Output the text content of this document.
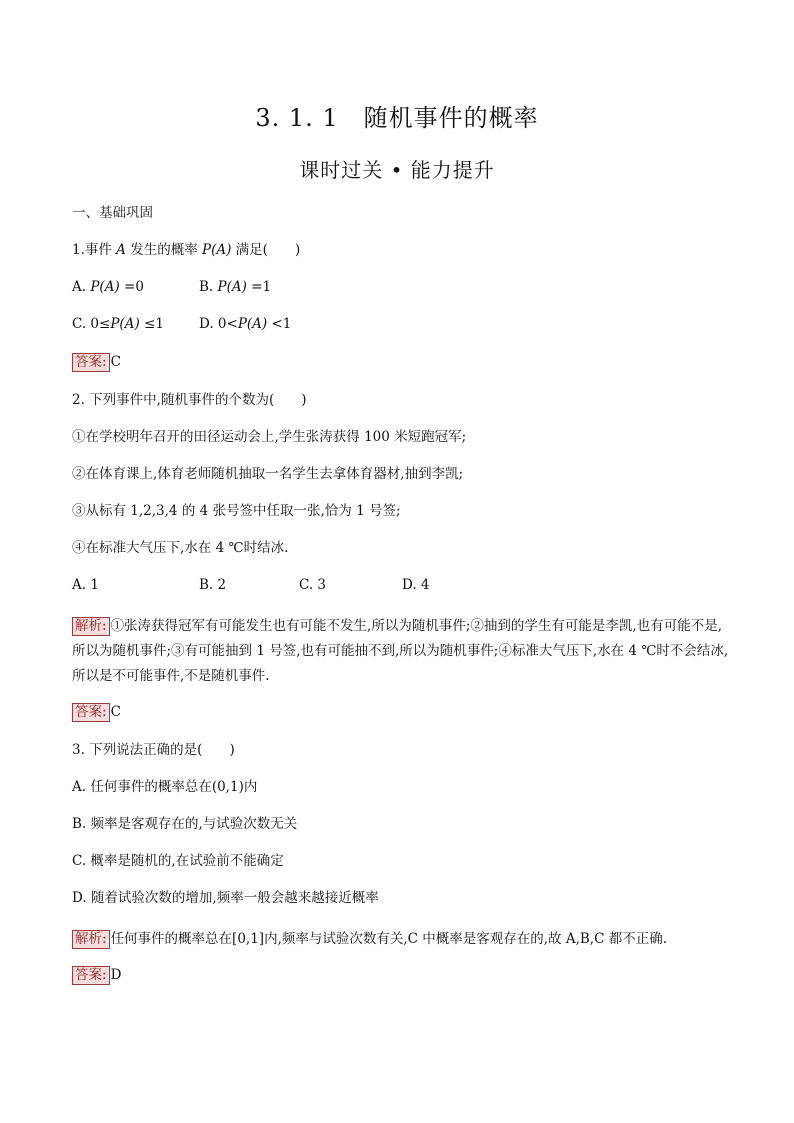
3. 1. 1　随机事件的概率
课时过关 • 能力提升
一、基础巩固
1.事件 A 发生的概率 P(A) 满足(　　)
A. P(A) =0	B. P(A) =1
C. 0≤P(A) ≤1	D. 0<P(A) <1
答案: C
2. 下列事件中,随机事件的个数为(　　)
①在学校明年召开的田径运动会上,学生张涛获得 100 米短跑冠军;
②在体育课上,体育老师随机抽取一名学生去拿体育器材,抽到李凯;
③从标有 1,2,3,4 的 4 张号签中任取一张,恰为 1 号签;
④在标准大气压下,水在 4 ℃时结冰.
A. 1	B. 2	C. 3	D. 4
解析: ①张涛获得冠军有可能发生也有可能不发生,所以为随机事件;②抽到的学生有可能是李凯,也有可能不是,所以为随机事件;③有可能抽到 1 号签,也有可能抽不到,所以为随机事件;④标准大气压下,水在 4 ℃时不会结冰,所以是不可能事件,不是随机事件.
答案: C
3. 下列说法正确的是(　　)
A. 任何事件的概率总在(0,1)内
B. 频率是客观存在的,与试验次数无关
C. 概率是随机的,在试验前不能确定
D. 随着试验次数的增加,频率一般会越来越接近概率
解析: 任何事件的概率总在[0,1]内,频率与试验次数有关,C 中概率是客观存在的,故 A,B,C 都不正确.
答案: D
